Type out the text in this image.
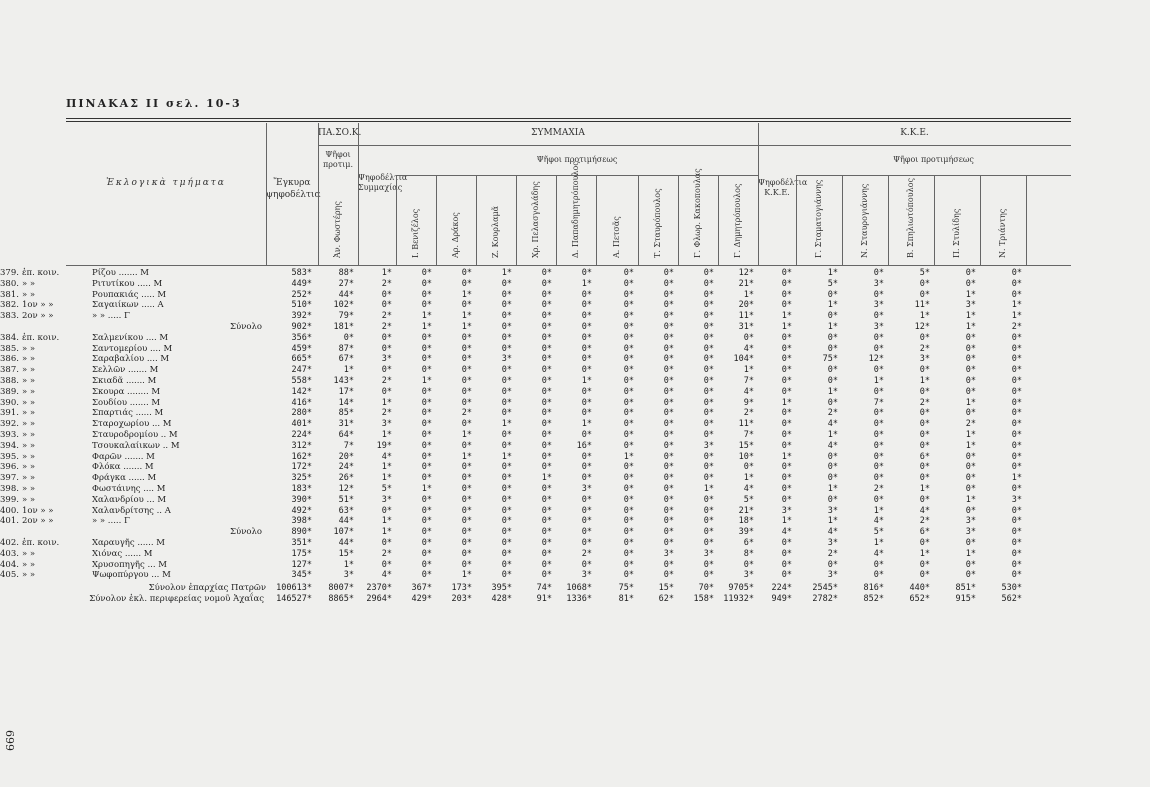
ΠΙΝΑΚΑΣ ΙΙ σελ. 10-3
699
Ἐκλογικὰ τμήματα	Ἔγκυρα ψηφοδέλτια
ΠΑ.ΣΟ.Κ.
Ψῆφοι προτιμ.
ΣΥΜΜΑΧΙΑ
Ψῆφοι προτιμήσεως
Ψηφοδέλτια Συμμαχίας
Κ.Κ.Ε.
Ψῆφοι προτιμήσεως
Ψηφοδέλτια Κ.Κ.Ε.
Ἀν. Φωστέρης	Ι. Βενιζέλος	Αρ. Δράκος	Ζ. Κουρλαμᾶ	Χρ. Πελασγολάδης	Δ. Παπαδημητρόπουλος	Α. Πετσᾶς	Τ. Σταυρόπουλος	Γ. Φλωρ. Κακοπουλας	Γ. Δημητρόπουλος	Γ. Σταματογιάννης	Ν. Σταυρογιάννης	Β. Σπηλιωτόπουλος	Π. Στυλίδης	Ν. Τριάντης
379. ἐπ. κοιν.	Ρίζου ....... Μ	583*	88*	1*	0*	0*	1*	0*	0*	0*	0*	0*	12*	0*	1*	0*	5*	0*	0*
380. » »	Ριτυτίκου ..... Μ	449*	27*	2*	0*	0*	0*	0*	1*	0*	0*	0*	21*	0*	5*	3*	0*	0*	0*
381. » »	Ρουπακιάς ..... Μ	252*	44*	0*	0*	1*	0*	0*	0*	0*	0*	0*	1*	0*	0*	0*	0*	1*	0*
382. 1ον » »	Σαγαιίκων ..... Α	510*	102*	0*	0*	0*	0*	0*	0*	0*	0*	0*	20*	0*	1*	3*	11*	3*	1*
383. 2ον » »	» » ..... Γ	392*	79*	2*	1*	1*	0*	0*	0*	0*	0*	0*	11*	1*	0*	0*	1*	1*	1*
Σύνολο	902*	181*	2*	1*	1*	0*	0*	0*	0*	0*	0*	31*	1*	1*	3*	12*	1*	2*
384. ἐπ. κοιν.	Σαλμενίκου .... Μ	356*	0*	0*	0*	0*	0*	0*	0*	0*	0*	0*	0*	0*	0*	0*	0*	0*	0*
385. » »	Σαντομερίου .... Μ	459*	87*	0*	0*	0*	0*	0*	0*	0*	0*	0*	4*	0*	0*	0*	2*	0*	0*
386. » »	Σαραβαλίου .... Μ	665*	67*	3*	0*	0*	3*	0*	0*	0*	0*	0*	104*	0*	75*	12*	3*	0*	0*
387. » »	Σελλῶν ....... Μ	247*	1*	0*	0*	0*	0*	0*	0*	0*	0*	0*	1*	0*	0*	0*	0*	0*	0*
388. » »	Σκιαδᾶ ....... Μ	558*	143*	2*	1*	0*	0*	0*	1*	0*	0*	0*	7*	0*	0*	1*	1*	0*	0*
389. » »	Σκουρα ........ Μ	142*	17*	0*	0*	0*	0*	0*	0*	0*	0*	0*	4*	0*	1*	0*	0*	0*	0*
390. » »	Σουδίου ....... Μ	416*	14*	1*	0*	0*	0*	0*	0*	0*	0*	0*	9*	1*	0*	7*	2*	1*	0*
391. » »	Σπαρτιάς ...... Μ	280*	85*	2*	0*	2*	0*	0*	0*	0*	0*	0*	2*	0*	2*	0*	0*	0*	0*
392. » »	Σταροχωρίου ... Μ	401*	31*	3*	0*	0*	1*	0*	1*	0*	0*	0*	11*	0*	4*	0*	0*	2*	0*
393. » »	Σταυροδρομίου .. Μ	224*	64*	1*	0*	1*	0*	0*	0*	0*	0*	0*	7*	0*	1*	0*	0*	1*	0*
394. » »	Τσουκαλαίικων .. Μ	312*	7*	19*	0*	0*	0*	0*	16*	0*	0*	3*	15*	0*	4*	0*	0*	1*	0*
395. » »	Φαρῶν ....... Μ	162*	20*	4*	0*	1*	1*	0*	0*	1*	0*	0*	10*	1*	0*	0*	6*	0*	0*
396. » »	Φλόκα ....... Μ	172*	24*	1*	0*	0*	0*	0*	0*	0*	0*	0*	0*	0*	0*	0*	0*	0*	0*
397. » »	Φράγκα ...... Μ	325*	26*	1*	0*	0*	0*	1*	0*	0*	0*	0*	1*	0*	0*	0*	0*	0*	1*
398. » »	Φωστάινης .... Μ	183*	12*	5*	1*	0*	0*	0*	3*	0*	0*	1*	4*	0*	1*	2*	1*	0*	0*
399. » »	Χαλανδρίου ... Μ	390*	51*	3*	0*	0*	0*	0*	0*	0*	0*	0*	5*	0*	0*	0*	0*	1*	3*
400. 1ον » »	Χαλανδρίτσης .. Α	492*	63*	0*	0*	0*	0*	0*	0*	0*	0*	0*	21*	3*	3*	1*	4*	0*	0*
401. 2ον » »	» » ..... Γ	398*	44*	1*	0*	0*	0*	0*	0*	0*	0*	0*	18*	1*	1*	4*	2*	3*	0*
Σύνολο	890*	107*	1*	0*	0*	0*	0*	0*	0*	0*	0*	39*	4*	4*	5*	6*	3*	0*
402. ἐπ. κοιν.	Χαραυγῆς ...... Μ	351*	44*	0*	0*	0*	0*	0*	0*	0*	0*	0*	6*	0*	3*	1*	0*	0*	0*
403. » »	Χιόνας ...... Μ	175*	15*	2*	0*	0*	0*	0*	2*	0*	3*	3*	8*	0*	2*	4*	1*	1*	0*
404. » »	Χρυσοπηγῆς ... Μ	127*	1*	0*	0*	0*	0*	0*	0*	0*	0*	0*	0*	0*	0*	0*	0*	0*	0*
405. » »	Ψωφοπύργου ... Μ	345*	3*	4*	0*	1*	0*	0*	3*	0*	0*	0*	3*	0*	3*	0*	0*	0*	0*
Σύνολον ἐπαρχίας Πατρῶν	100613*	8007*	2370*	367*	173*	395*	74*	1068*	75*	15*	70*	9705*	224*	2545*	816*	440*	851*	530*
Σύνολον ἐκλ. περιφερείας νομοῦ Ἀχαΐας	146527*	8865*	2964*	429*	203*	428*	91*	1336*	81*	62*	158*	11932*	949*	2782*	852*	652*	915*	562*
